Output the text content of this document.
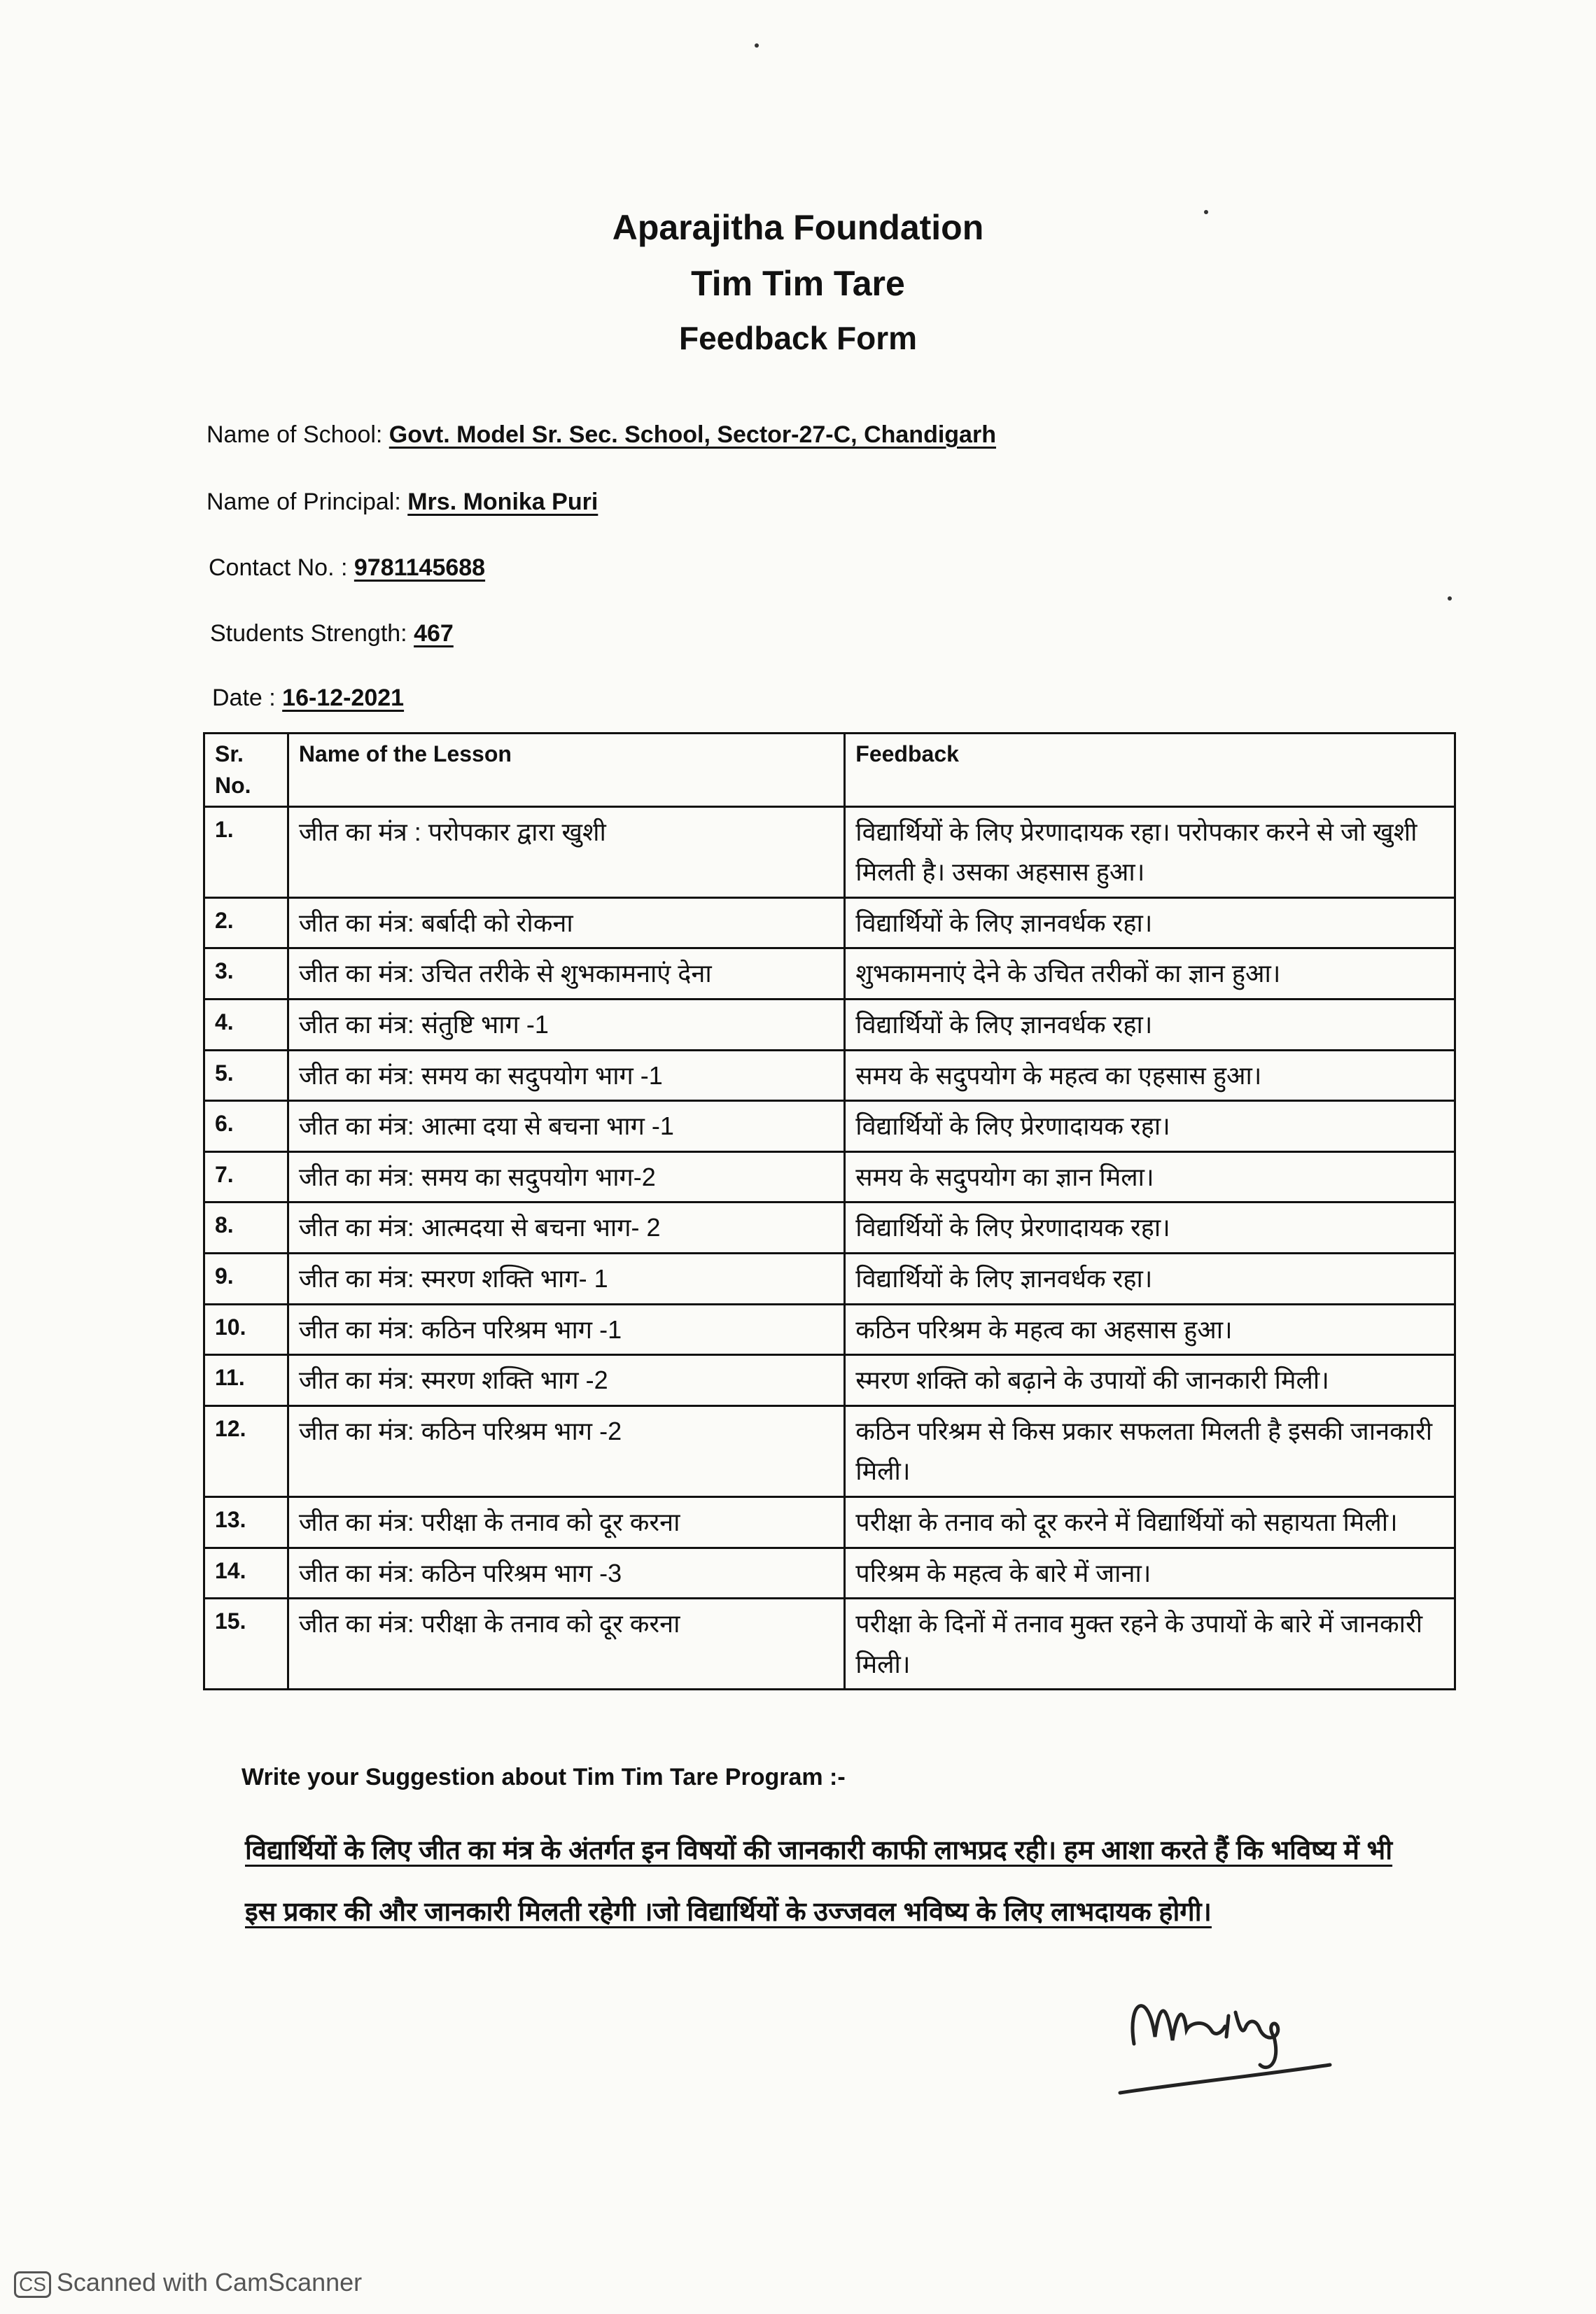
Aparajitha Foundation
Tim Tim Tare
Feedback Form
Name of School: Govt. Model Sr. Sec. School, Sector-27-C, Chandigarh
Name of Principal: Mrs. Monika Puri
Contact No. : 9781145688
Students Strength: 467
Date : 16-12-2021
Sr. No.	Name of the Lesson	Feedback
1.	जीत का मंत्र : परोपकार द्वारा खुशी	विद्यार्थियों के लिए प्रेरणादायक रहा। परोपकार करने से जो खुशी मिलती है। उसका अहसास हुआ।
2.	जीत का मंत्र: बर्बादी को रोकना	विद्यार्थियों के लिए ज्ञानवर्धक रहा।
3.	जीत का मंत्र: उचित तरीके से शुभकामनाएं देना	शुभकामनाएं देने के उचित तरीकों का ज्ञान हुआ।
4.	जीत का मंत्र: संतुष्टि भाग -1	विद्यार्थियों के लिए ज्ञानवर्धक रहा।
5.	जीत का मंत्र: समय का सदुपयोग भाग -1	समय के सदुपयोग के महत्व का एहसास हुआ।
6.	जीत का मंत्र: आत्मा दया से बचना भाग -1	विद्यार्थियों के लिए प्रेरणादायक रहा।
7.	जीत का मंत्र: समय का सदुपयोग भाग-2	समय के सदुपयोग का ज्ञान मिला।
8.	जीत का मंत्र: आत्मदया से बचना भाग- 2	विद्यार्थियों के लिए प्रेरणादायक रहा।
9.	जीत का मंत्र: स्मरण शक्ति भाग- 1	विद्यार्थियों के लिए ज्ञानवर्धक रहा।
10.	जीत का मंत्र: कठिन परिश्रम भाग -1	कठिन परिश्रम के महत्व का अहसास हुआ।
11.	जीत का मंत्र: स्मरण शक्ति भाग -2	स्मरण शक्ति को बढ़ाने के उपायों की जानकारी मिली।
12.	जीत का मंत्र: कठिन परिश्रम भाग -2	कठिन परिश्रम से किस प्रकार सफलता मिलती है इसकी जानकारी मिली।
13.	जीत का मंत्र: परीक्षा के तनाव को दूर करना	परीक्षा के तनाव को दूर करने में विद्यार्थियों को सहायता मिली।
14.	जीत का मंत्र: कठिन परिश्रम भाग -3	परिश्रम के महत्व के बारे में जाना।
15.	जीत का मंत्र: परीक्षा के तनाव को दूर करना	परीक्षा के दिनों में तनाव मुक्त रहने के उपायों के बारे में जानकारी मिली।
Write your Suggestion about Tim Tim Tare Program :-
विद्यार्थियों के लिए जीत का मंत्र के अंतर्गत इन विषयों की जानकारी काफी लाभप्रद रही। हम आशा करते हैं कि भविष्य में भी इस प्रकार की और जानकारी मिलती रहेगी ।जो विद्यार्थियों के उज्जवल भविष्य के लिए लाभदायक होगी।
CS Scanned with CamScanner
